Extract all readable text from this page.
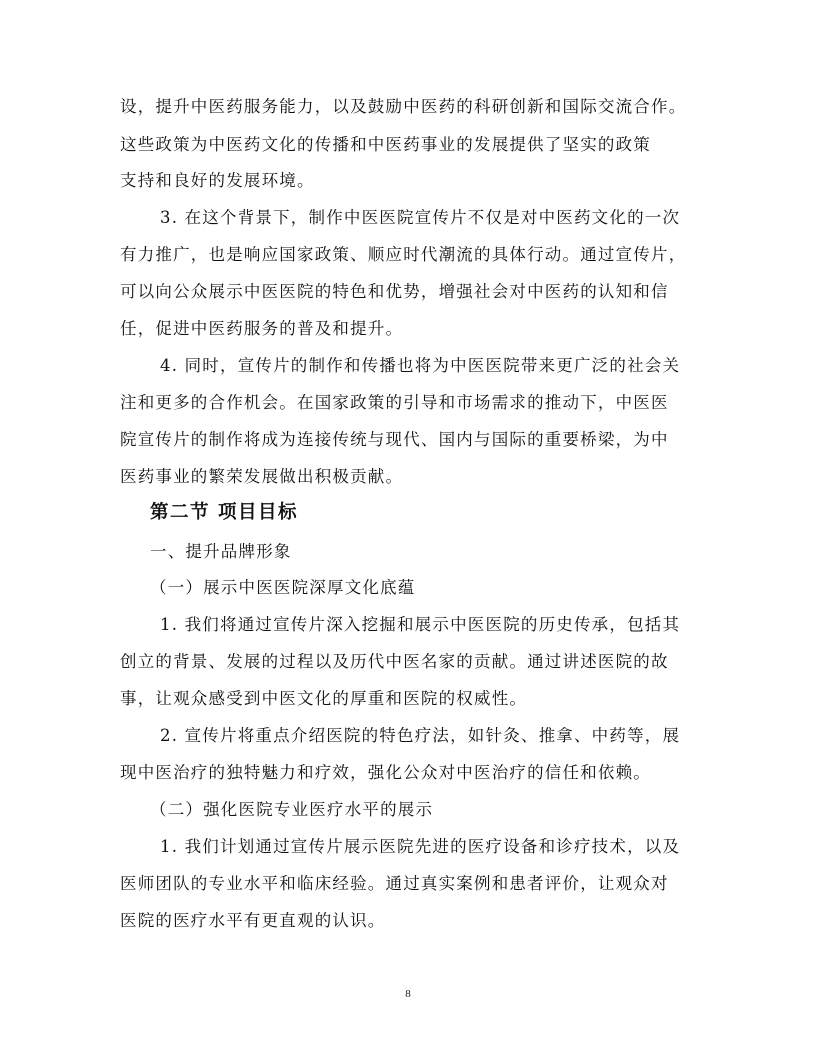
设，提升中医药服务能力，以及鼓励中医药的科研创新和国际交流合作。
这些政策为中医药文化的传播和中医药事业的发展提供了坚实的政策
支持和良好的发展环境。
3. 在这个背景下，制作中医医院宣传片不仅是对中医药文化的一次
有力推广，也是响应国家政策、顺应时代潮流的具体行动。通过宣传片，
可以向公众展示中医医院的特色和优势，增强社会对中医药的认知和信
任，促进中医药服务的普及和提升。
4. 同时，宣传片的制作和传播也将为中医医院带来更广泛的社会关
注和更多的合作机会。在国家政策的引导和市场需求的推动下，中医医
院宣传片的制作将成为连接传统与现代、国内与国际的重要桥梁，为中
医药事业的繁荣发展做出积极贡献。
第二节 项目目标
一、提升品牌形象
（一）展示中医医院深厚文化底蕴
1. 我们将通过宣传片深入挖掘和展示中医医院的历史传承，包括其
创立的背景、发展的过程以及历代中医名家的贡献。通过讲述医院的故
事，让观众感受到中医文化的厚重和医院的权威性。
2. 宣传片将重点介绍医院的特色疗法，如针灸、推拿、中药等，展
现中医治疗的独特魅力和疗效，强化公众对中医治疗的信任和依赖。
（二）强化医院专业医疗水平的展示
1. 我们计划通过宣传片展示医院先进的医疗设备和诊疗技术，以及
医师团队的专业水平和临床经验。通过真实案例和患者评价，让观众对
医院的医疗水平有更直观的认识。
8
